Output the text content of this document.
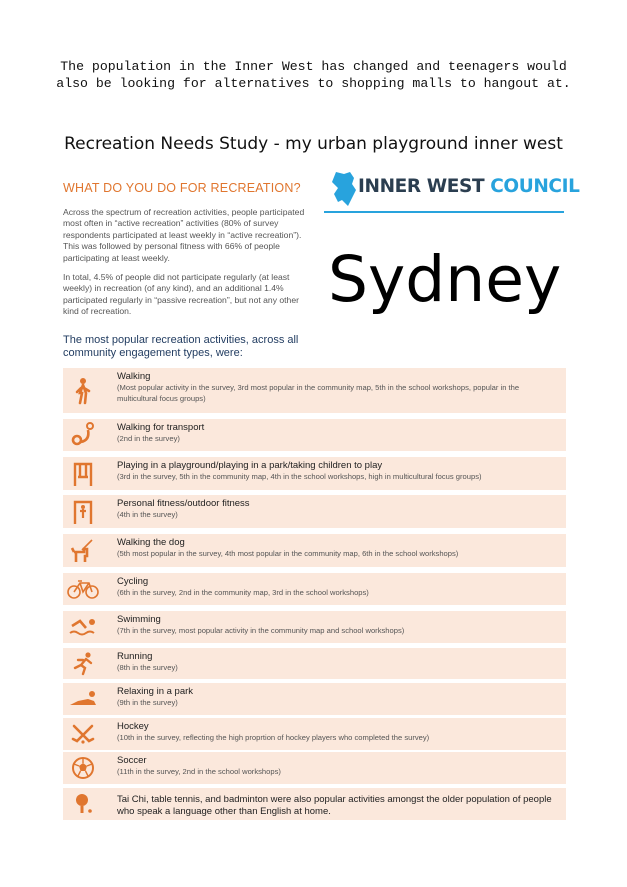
The population in the Inner West has changed and teenagers would
also be looking for alternatives to shopping malls to hangout at.
Recreation Needs Study - my urban playground inner west
WHAT DO YOU DO FOR RECREATION?

Across the spectrum of recreation activities, people participated most often in “active recreation” activities (80% of survey respondents participated at least weekly in “active recreation”). This was followed by personal fitness with 66% of people participating at least weekly.

In total, 4.5% of people did not participate regularly (at least weekly) in recreation (of any kind), and an additional 1.4% participated regularly in “passive recreation”, but not any other kind of recreation.

INNER WEST COUNCIL
Sydney
The most popular recreation activities, across all community engagement types, were:
Walking
(Most popular activity in the survey, 3rd most popular in the community map, 5th in the school workshops, popular in the multicultural focus groups)
Walking for transport
(2nd in the survey)
Playing in a playground/playing in a park/taking children to play
(3rd in the survey, 5th in the community map, 4th in the school workshops, high in multicultural focus groups)
Personal fitness/outdoor fitness
(4th in the survey)
Walking the dog
(5th most popular in the survey, 4th most popular in the community map, 6th in the school workshops)
Cycling
(6th in the survey, 2nd in the community map, 3rd in the school workshops)
Swimming
(7th in the survey, most popular activity in the community map and school workshops)
Running
(8th in the survey)
Relaxing in a park
(9th in the survey)
Hockey
(10th in the survey, reflecting the high proprtion of hockey players who completed the survey)
Soccer
(11th in the survey, 2nd in the school workshops)
Tai Chi, table tennis, and badminton were also popular activities amongst the older population of people who speak a language other than English at home.
